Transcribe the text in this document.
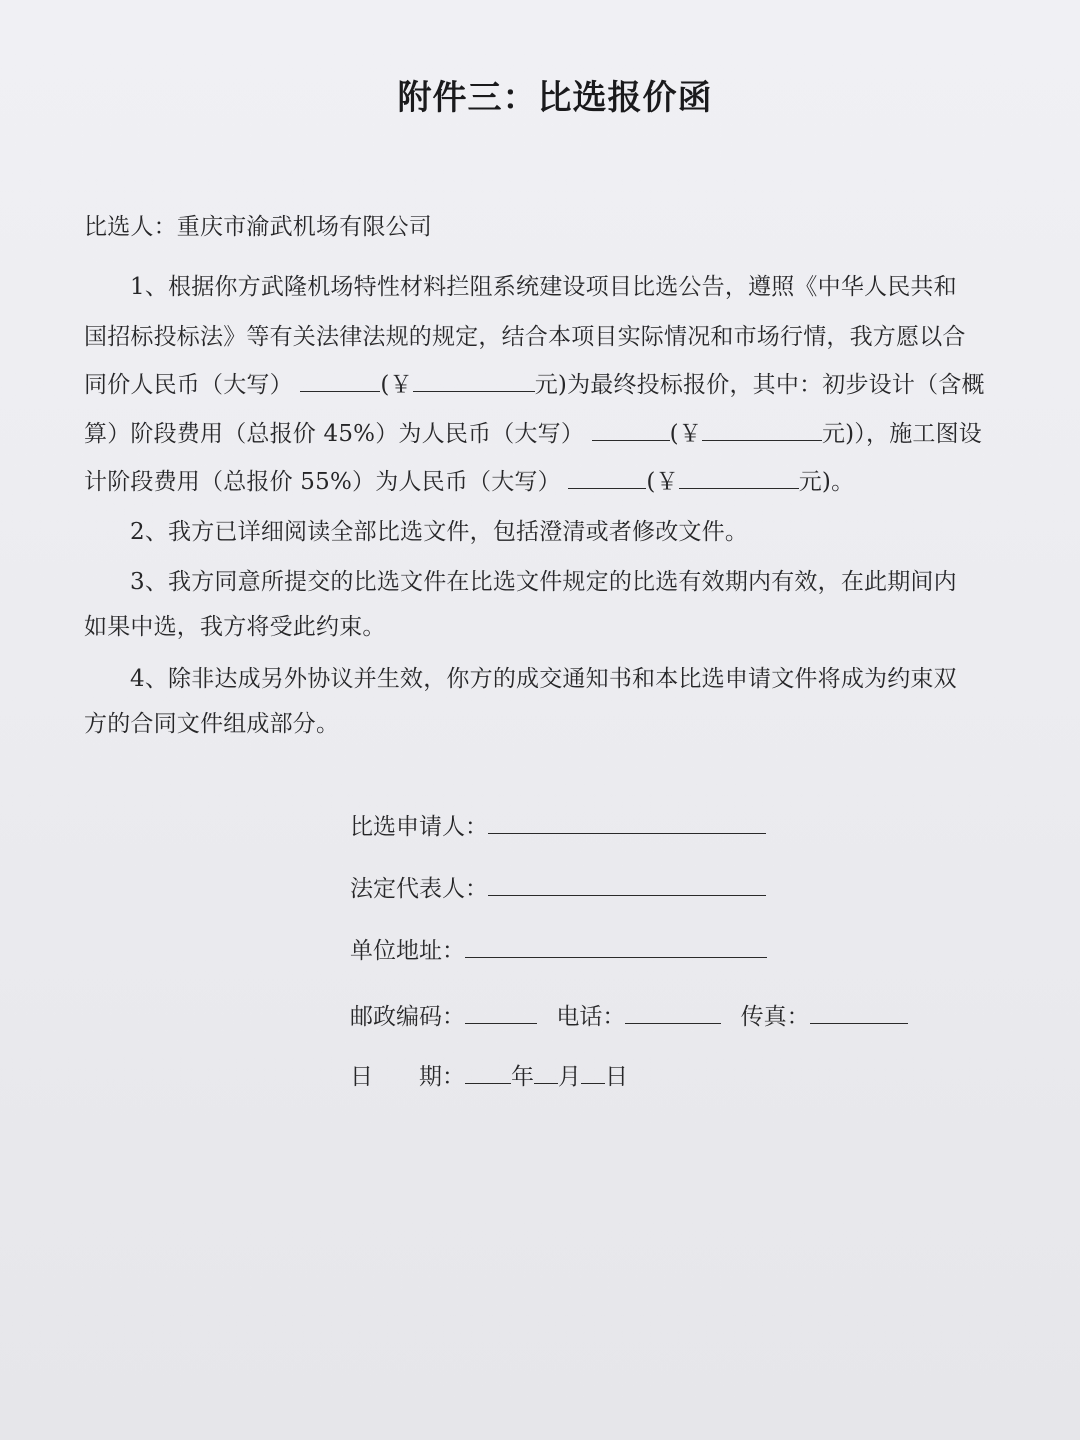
附件三：比选报价函
比选人：重庆市渝武机场有限公司
1、根据你方武隆机场特性材料拦阻系统建设项目比选公告，遵照《中华人民共和
国招标投标法》等有关法律法规的规定，结合本项目实际情况和市场行情，我方愿以合
同价人民币（大写）	(￥	元)为最终投标报价，其中：初步设计（含概
算）阶段费用（总报价 45%）为人民币（大写）	(￥	元)），施工图设
计阶段费用（总报价 55%）为人民币（大写）	(￥	元)。
2、我方已详细阅读全部比选文件，包括澄清或者修改文件。
3、我方同意所提交的比选文件在比选文件规定的比选有效期内有效，在此期间内
如果中选，我方将受此约束。
4、除非达成另外协议并生效，你方的成交通知书和本比选申请文件将成为约束双
方的合同文件组成部分。
比选申请人：
法定代表人：
单位地址：
邮政编码：	电话：	传真：
日　　期： 年 月 日
